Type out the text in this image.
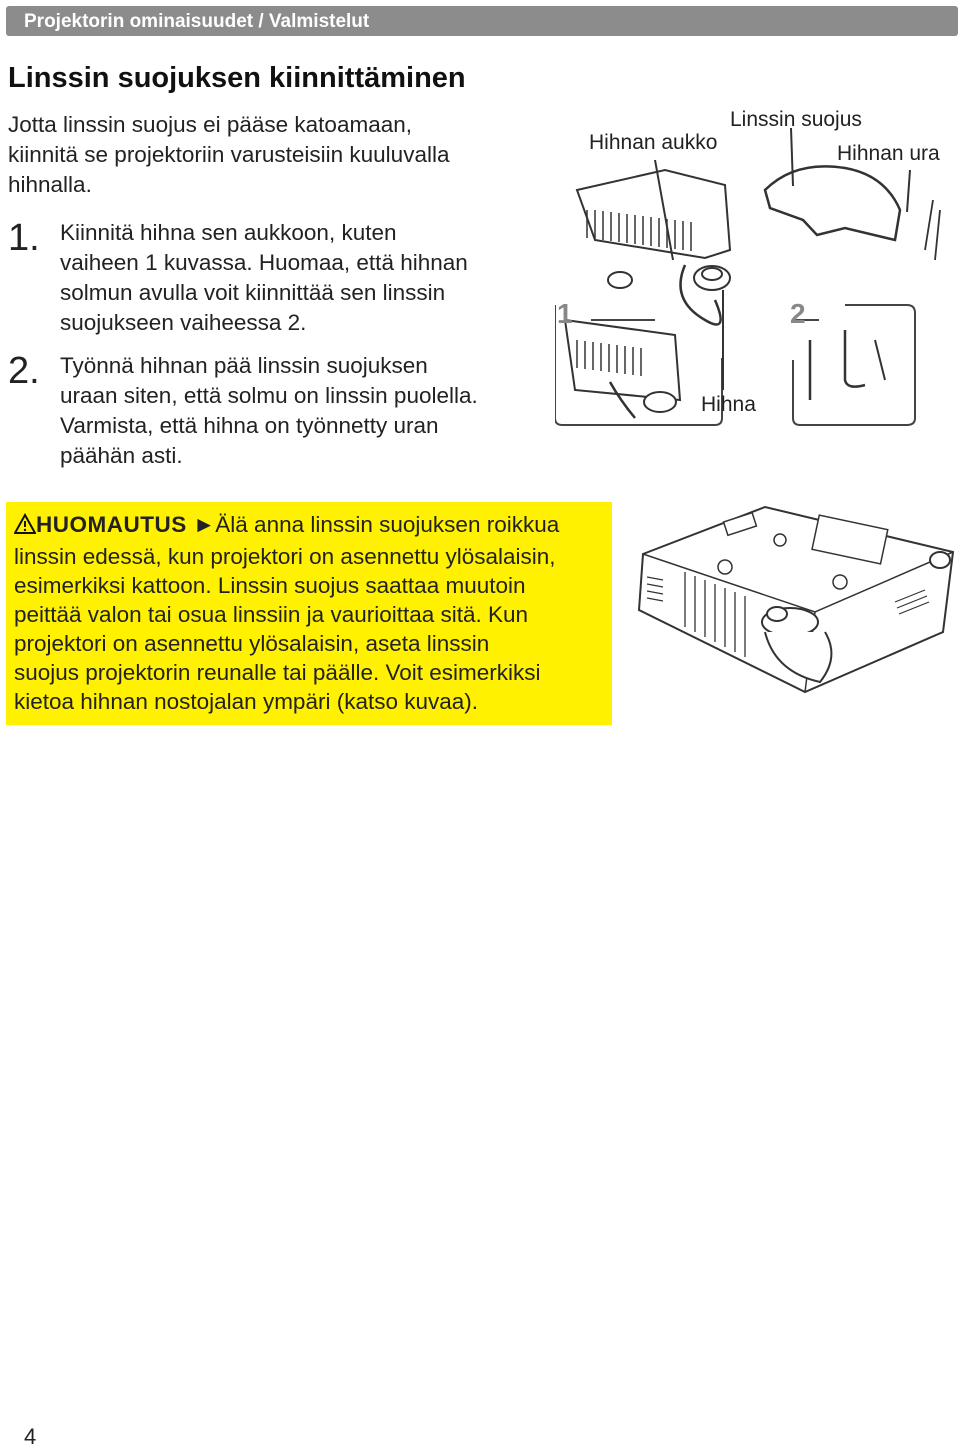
Projektorin ominaisuudet / Valmistelut
Linssin suojuksen kiinnittäminen
Jotta linssin suojus ei pääse katoamaan,
kiinnitä se projektoriin varusteisiin kuuluvalla
hihnalla.
1. Kiinnitä hihna sen aukkoon, kuten
vaiheen 1 kuvassa. Huomaa, että hihnan
solmun avulla voit kiinnittää sen linssin
suojukseen vaiheessa 2.
2. Työnnä hihnan pää linssin suojuksen
uraan siten, että solmu on linssin puolella.
Varmista, että hihna on työnnetty uran
päähän asti.
Linssin suojus
Hihnan aukko	Hihnan ura
Hihna
1	2
HUOMAUTUS ►Älä anna linssin suojuksen roikkua
linssin edessä, kun projektori on asennettu ylösalaisin,
esimerkiksi kattoon. Linssin suojus saattaa muutoin
peittää valon tai osua linssiin ja vaurioittaa sitä. Kun
projektori on asennettu ylösalaisin, aseta linssin
suojus projektorin reunalle tai päälle. Voit esimerkiksi
kietoa hihnan nostojalan ympäri (katso kuvaa).
4
